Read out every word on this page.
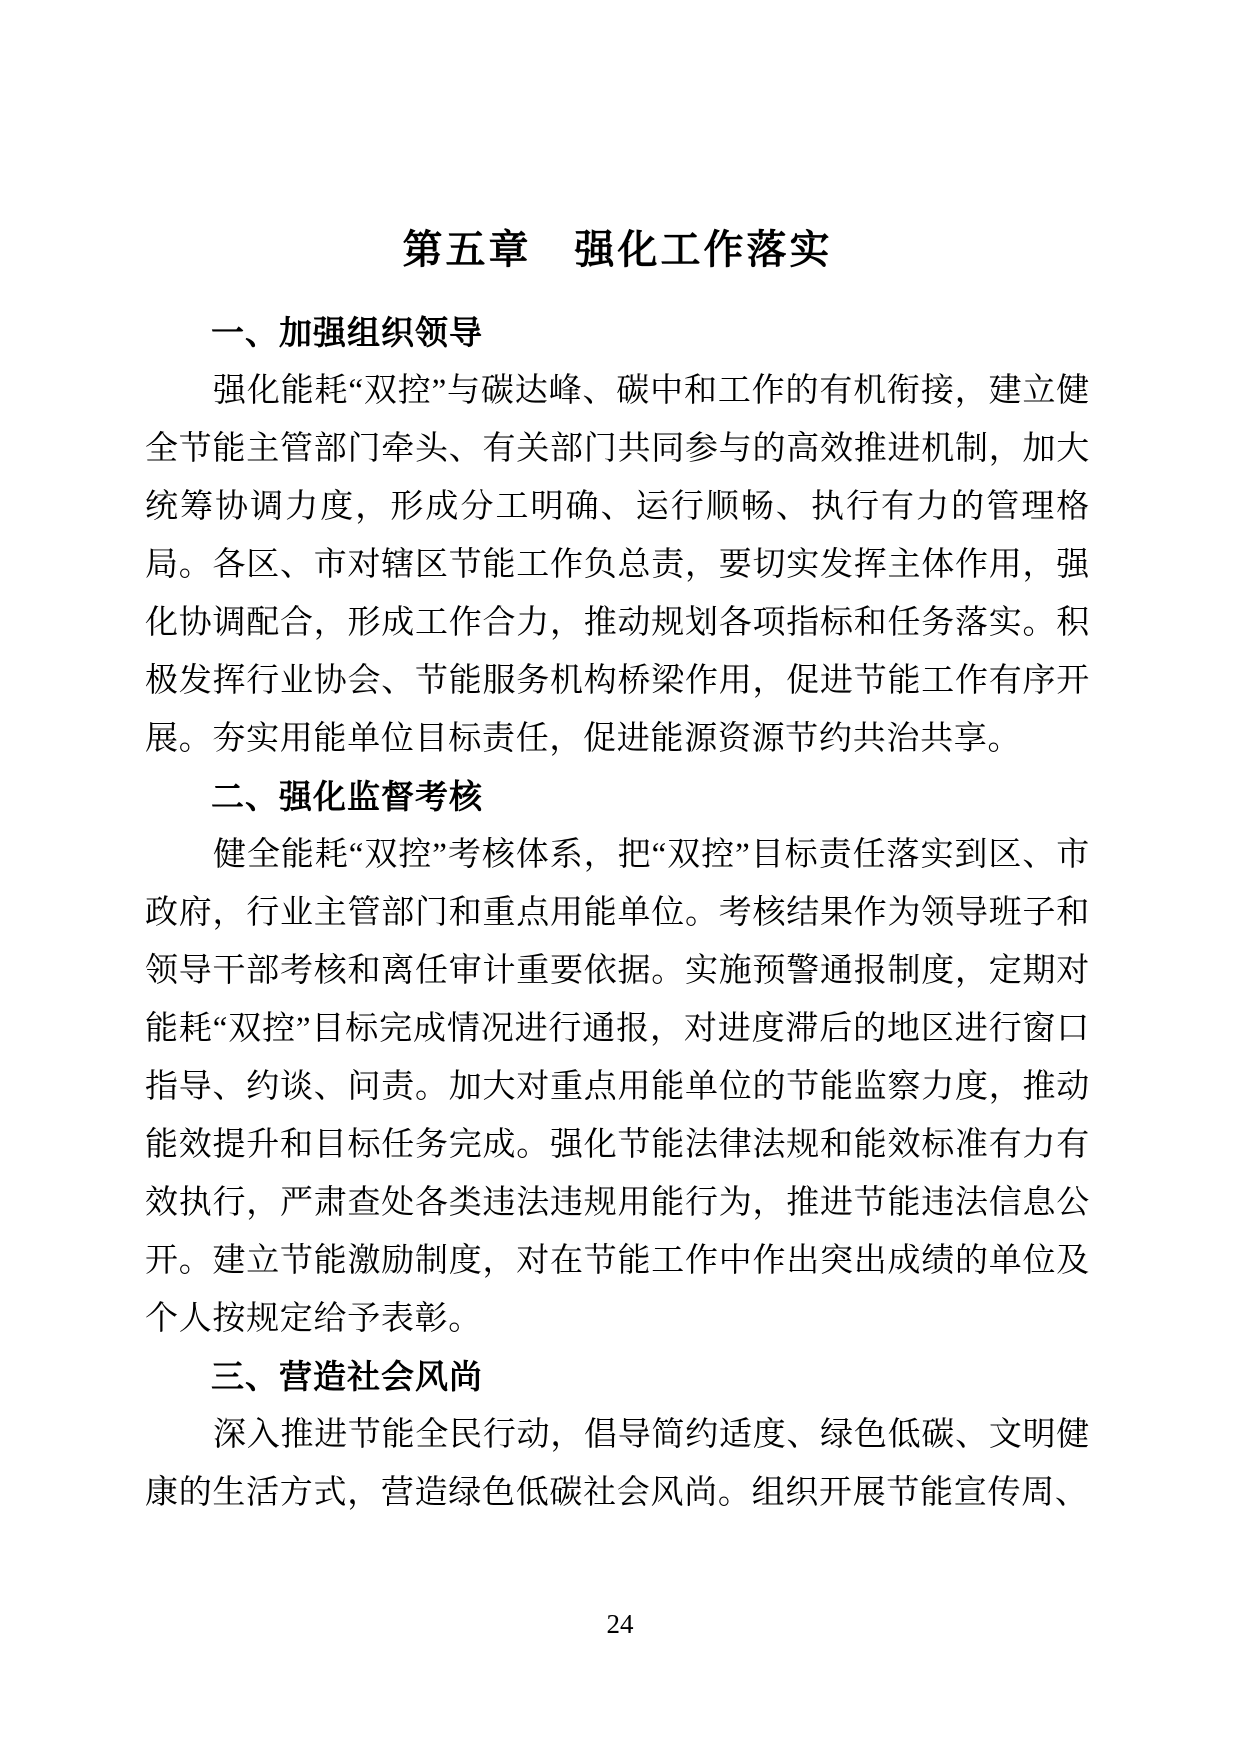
第五章　强化工作落实
一、加强组织领导

强化能耗“双控”与碳达峰、碳中和工作的有机衔接，建立健全节能主管部门牵头、有关部门共同参与的高效推进机制，加大统筹协调力度，形成分工明确、运行顺畅、执行有力的管理格局。各区、市对辖区节能工作负总责，要切实发挥主体作用，强化协调配合，形成工作合力，推动规划各项指标和任务落实。积极发挥行业协会、节能服务机构桥梁作用，促进节能工作有序开展。夯实用能单位目标责任，促进能源资源节约共治共享。

二、强化监督考核

健全能耗“双控”考核体系，把“双控”目标责任落实到区、市政府，行业主管部门和重点用能单位。考核结果作为领导班子和领导干部考核和离任审计重要依据。实施预警通报制度，定期对能耗“双控”目标完成情况进行通报，对进度滞后的地区进行窗口指导、约谈、问责。加大对重点用能单位的节能监察力度，推动能效提升和目标任务完成。强化节能法律法规和能效标准有力有效执行，严肃查处各类违法违规用能行为，推进节能违法信息公开。建立节能激励制度，对在节能工作中作出突出成绩的单位及个人按规定给予表彰。

三、营造社会风尚

深入推进节能全民行动，倡导简约适度、绿色低碳、文明健康的生活方式，营造绿色低碳社会风尚。组织开展节能宣传周、

24
